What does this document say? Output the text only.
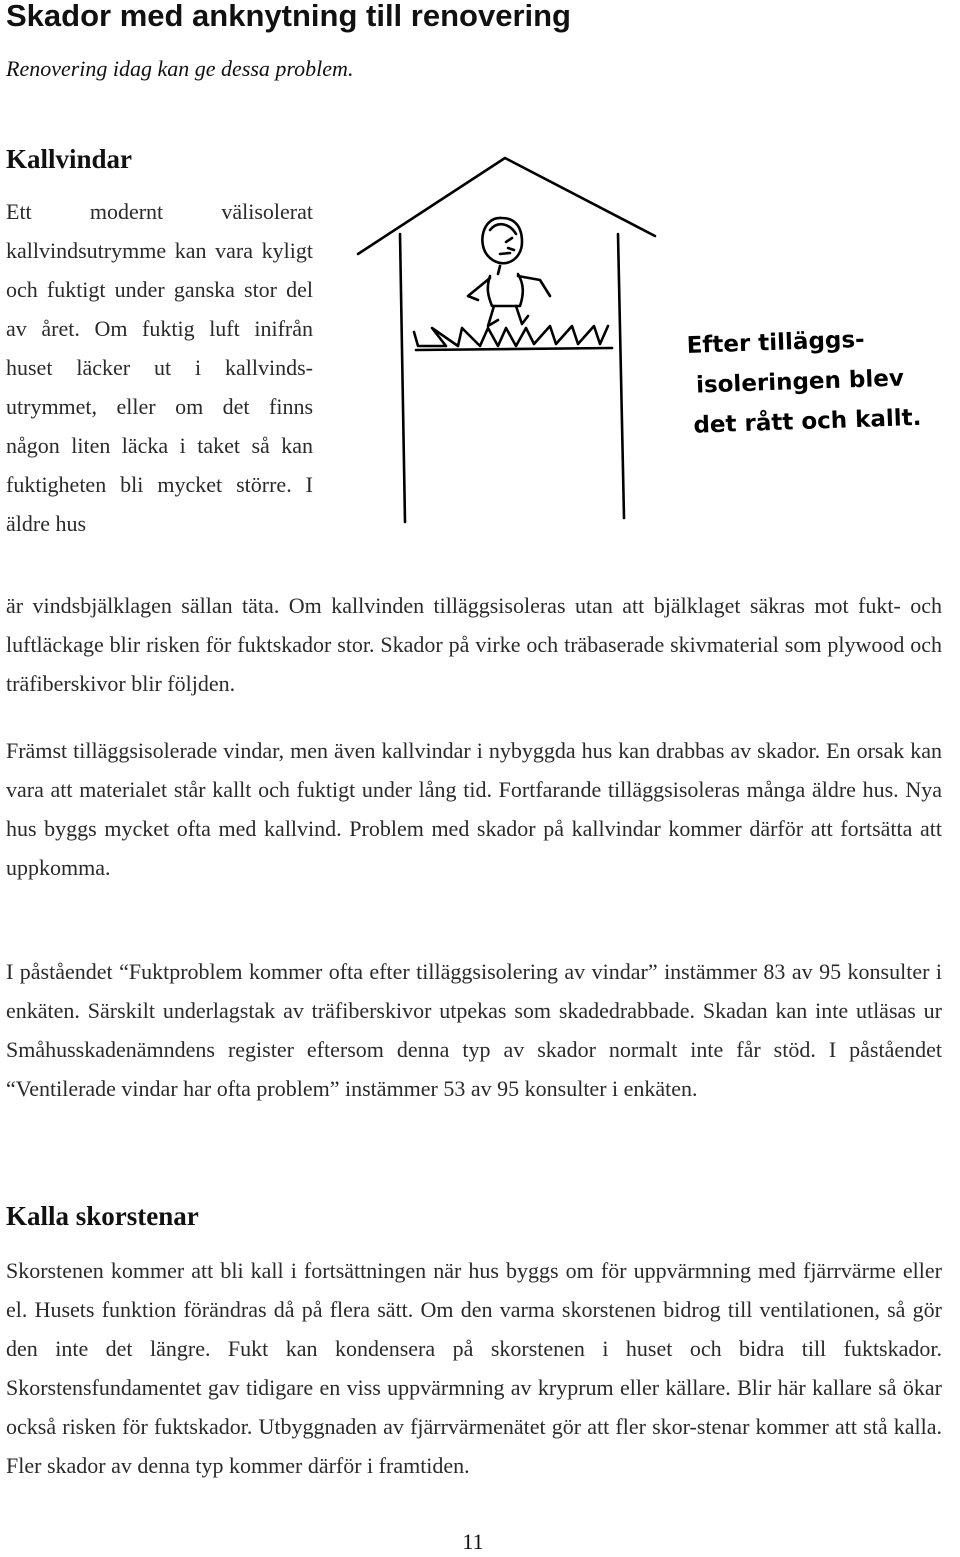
Skador med anknytning till renovering

Renovering idag kan ge dessa problem.

Kallvindar

Ett modernt välisolerat kallvindsutrymme kan vara kyligt och fuktigt under ganska stor del av året. Om fuktig luft inifrån huset läcker ut i kallvinds-utrymmet, eller om det finns någon liten läcka i taket så kan fuktigheten bli mycket större. I äldre hus

Efter tilläggs-
isoleringen blev
det rått och kallt.

är vindsbjälklagen sällan täta. Om kallvinden tilläggsisoleras utan att bjälklaget säkras mot fukt- och luftläckage blir risken för fuktskador stor. Skador på virke och träbaserade skivmaterial som plywood och träfiberskivor blir följden.

Främst tilläggsisolerade vindar, men även kallvindar i nybyggda hus kan drabbas av skador. En orsak kan vara att materialet står kallt och fuktigt under lång tid. Fortfarande tilläggsisoleras många äldre hus. Nya hus byggs mycket ofta med kallvind. Problem med skador på kallvindar kommer därför att fortsätta att uppkomma.

I påståendet “Fuktproblem kommer ofta efter tilläggsisolering av vindar” instämmer 83 av 95 konsulter i enkäten. Särskilt underlagstak av träfiberskivor utpekas som skadedrabbade. Skadan kan inte utläsas ur Småhusskadenämndens register eftersom denna typ av skador normalt inte får stöd. I påståendet “Ventilerade vindar har ofta problem” instämmer 53 av 95 konsulter i enkäten.

Kalla skorstenar

Skorstenen kommer att bli kall i fortsättningen när hus byggs om för uppvärmning med fjärrvärme eller el. Husets funktion förändras då på flera sätt. Om den varma skorstenen bidrog till ventilationen, så gör den inte det längre. Fukt kan kondensera på skorstenen i huset och bidra till fuktskador. Skorstensfundamentet gav tidigare en viss uppvärmning av kryprum eller källare. Blir här kallare så ökar också risken för fuktskador. Utbyggnaden av fjärrvärmenätet gör att fler skor-stenar kommer att stå kalla. Fler skador av denna typ kommer därför i framtiden.

11
